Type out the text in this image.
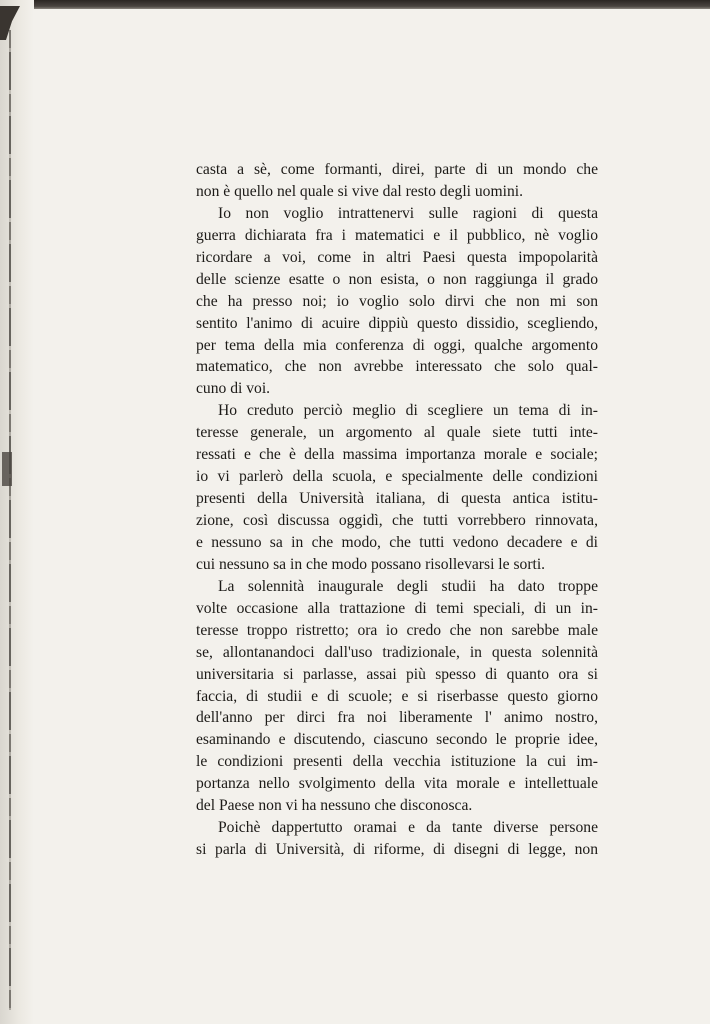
casta a sè, come formanti, direi, parte di un mondo che
non è quello nel quale si vive dal resto degli uomini.
Io non voglio intrattenervi sulle ragioni di questa
guerra dichiarata fra i matematici e il pubblico, nè voglio
ricordare a voi, come in altri Paesi questa impopolarità
delle scienze esatte o non esista, o non raggiunga il grado
che ha presso noi; io voglio solo dirvi che non mi son
sentito l'animo di acuire dippiù questo dissidio, scegliendo,
per tema della mia conferenza di oggi, qualche argomento
matematico, che non avrebbe interessato che solo qual-
cuno di voi.
Ho creduto perciò meglio di scegliere un tema di in-
teresse generale, un argomento al quale siete tutti inte-
ressati e che è della massima importanza morale e sociale;
io vi parlerò della scuola, e specialmente delle condizioni
presenti della Università italiana, di questa antica istitu-
zione, così discussa oggidì, che tutti vorrebbero rinnovata,
e nessuno sa in che modo, che tutti vedono decadere e di
cui nessuno sa in che modo possano risollevarsi le sorti.
La solennità inaugurale degli studii ha dato troppe
volte occasione alla trattazione di temi speciali, di un in-
teresse troppo ristretto; ora io credo che non sarebbe male
se, allontanandoci dall'uso tradizionale, in questa solennità
universitaria si parlasse, assai più spesso di quanto ora si
faccia, di studii e di scuole; e si riserbasse questo giorno
dell'anno per dirci fra noi liberamente l' animo nostro,
esaminando e discutendo, ciascuno secondo le proprie idee,
le condizioni presenti della vecchia istituzione la cui im-
portanza nello svolgimento della vita morale e intellettuale
del Paese non vi ha nessuno che disconosca.
Poichè dappertutto oramai e da tante diverse persone
si parla di Università, di riforme, di disegni di legge, non
